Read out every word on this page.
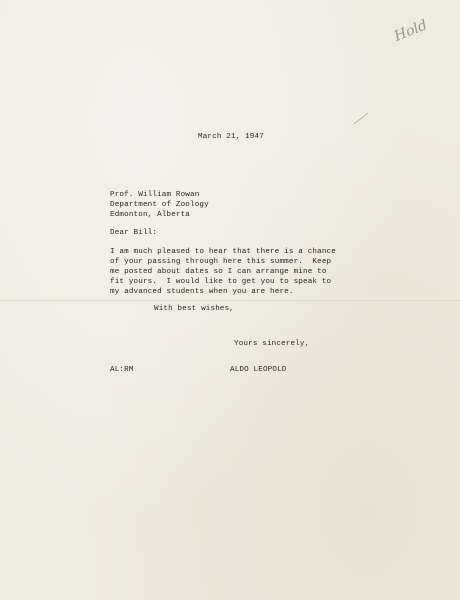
Hold
March 21, 1947
Prof. William Rowan
Department of Zoology
Edmonton, Alberta
Dear Bill:
I am much pleased to hear that there is a chance
of your passing through here this summer.  Keep
me posted about dates so I can arrange mine to
fit yours.  I would like to get you to speak to
my advanced students when you are here.
With best wishes,
Yours sincerely,
AL:RM	ALDO LEOPOLD
